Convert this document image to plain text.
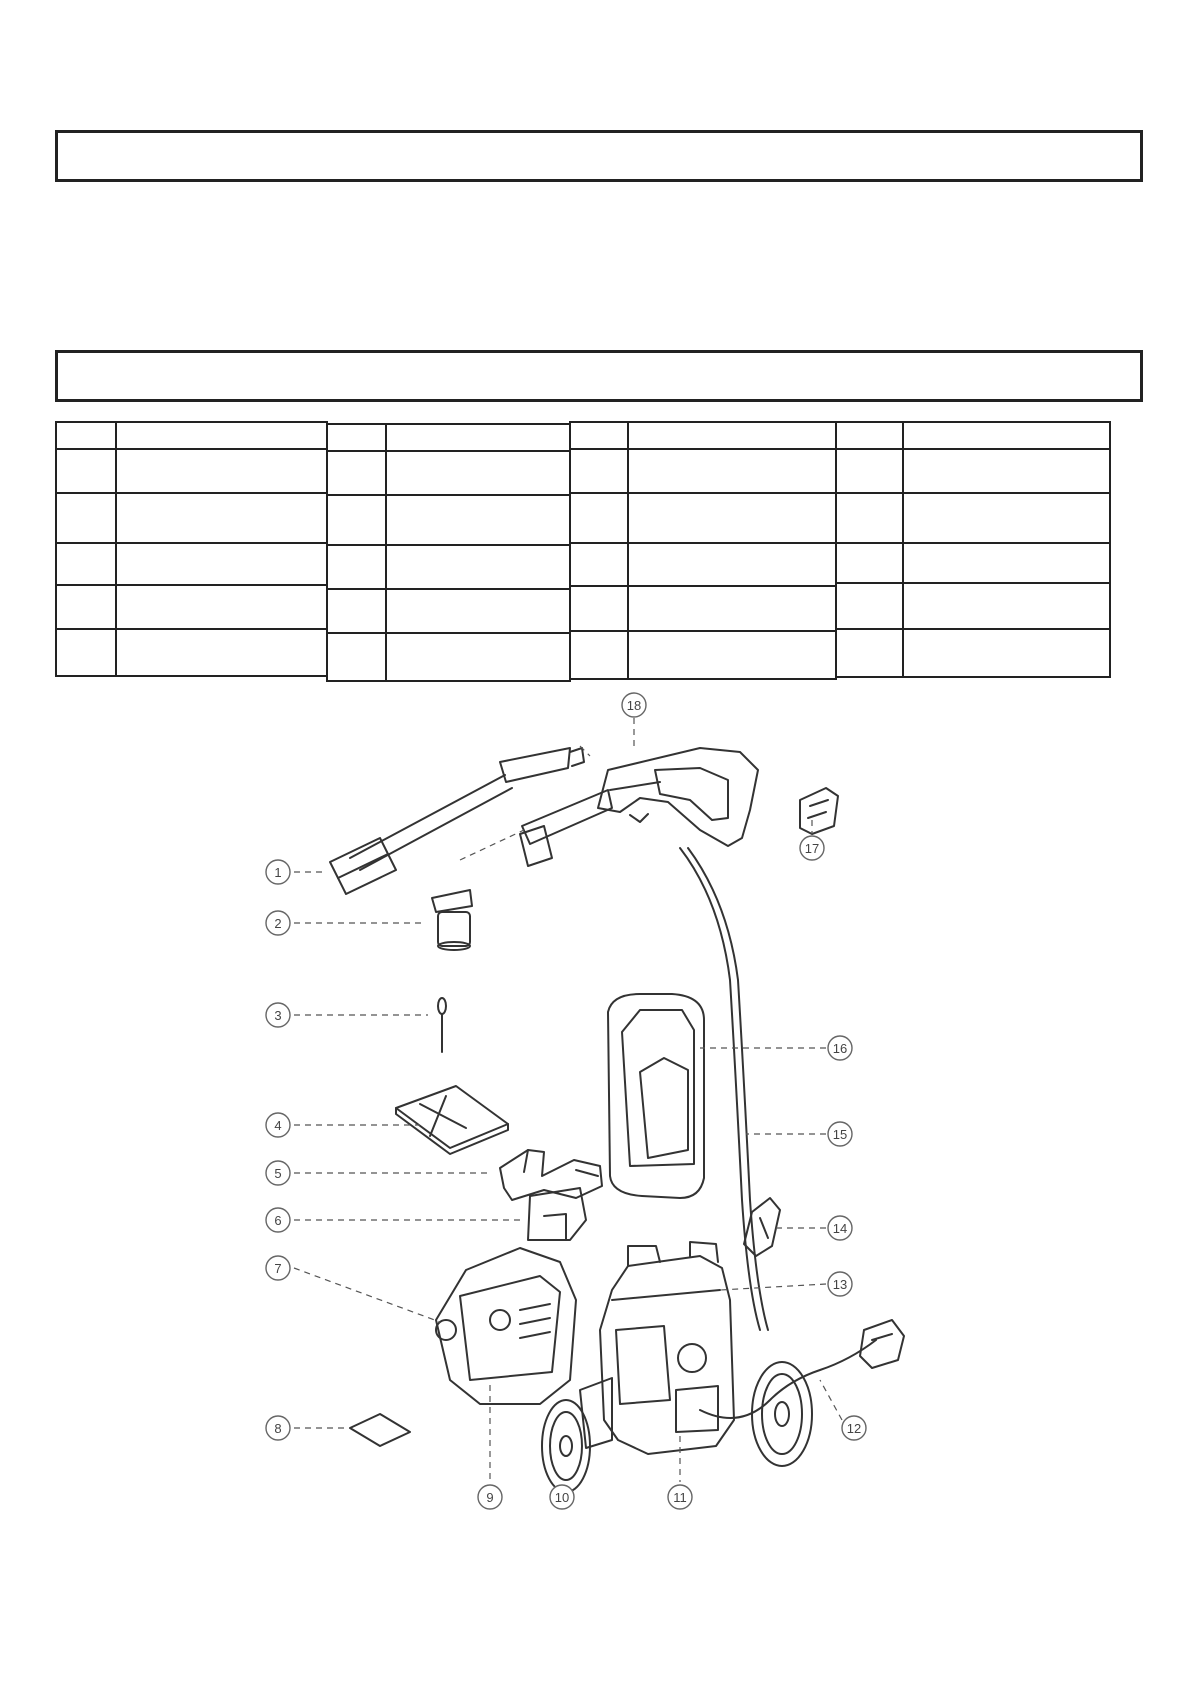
1
2
3
4
5
6
7
8
9	10	11
12
13
14
15
16
17
18
